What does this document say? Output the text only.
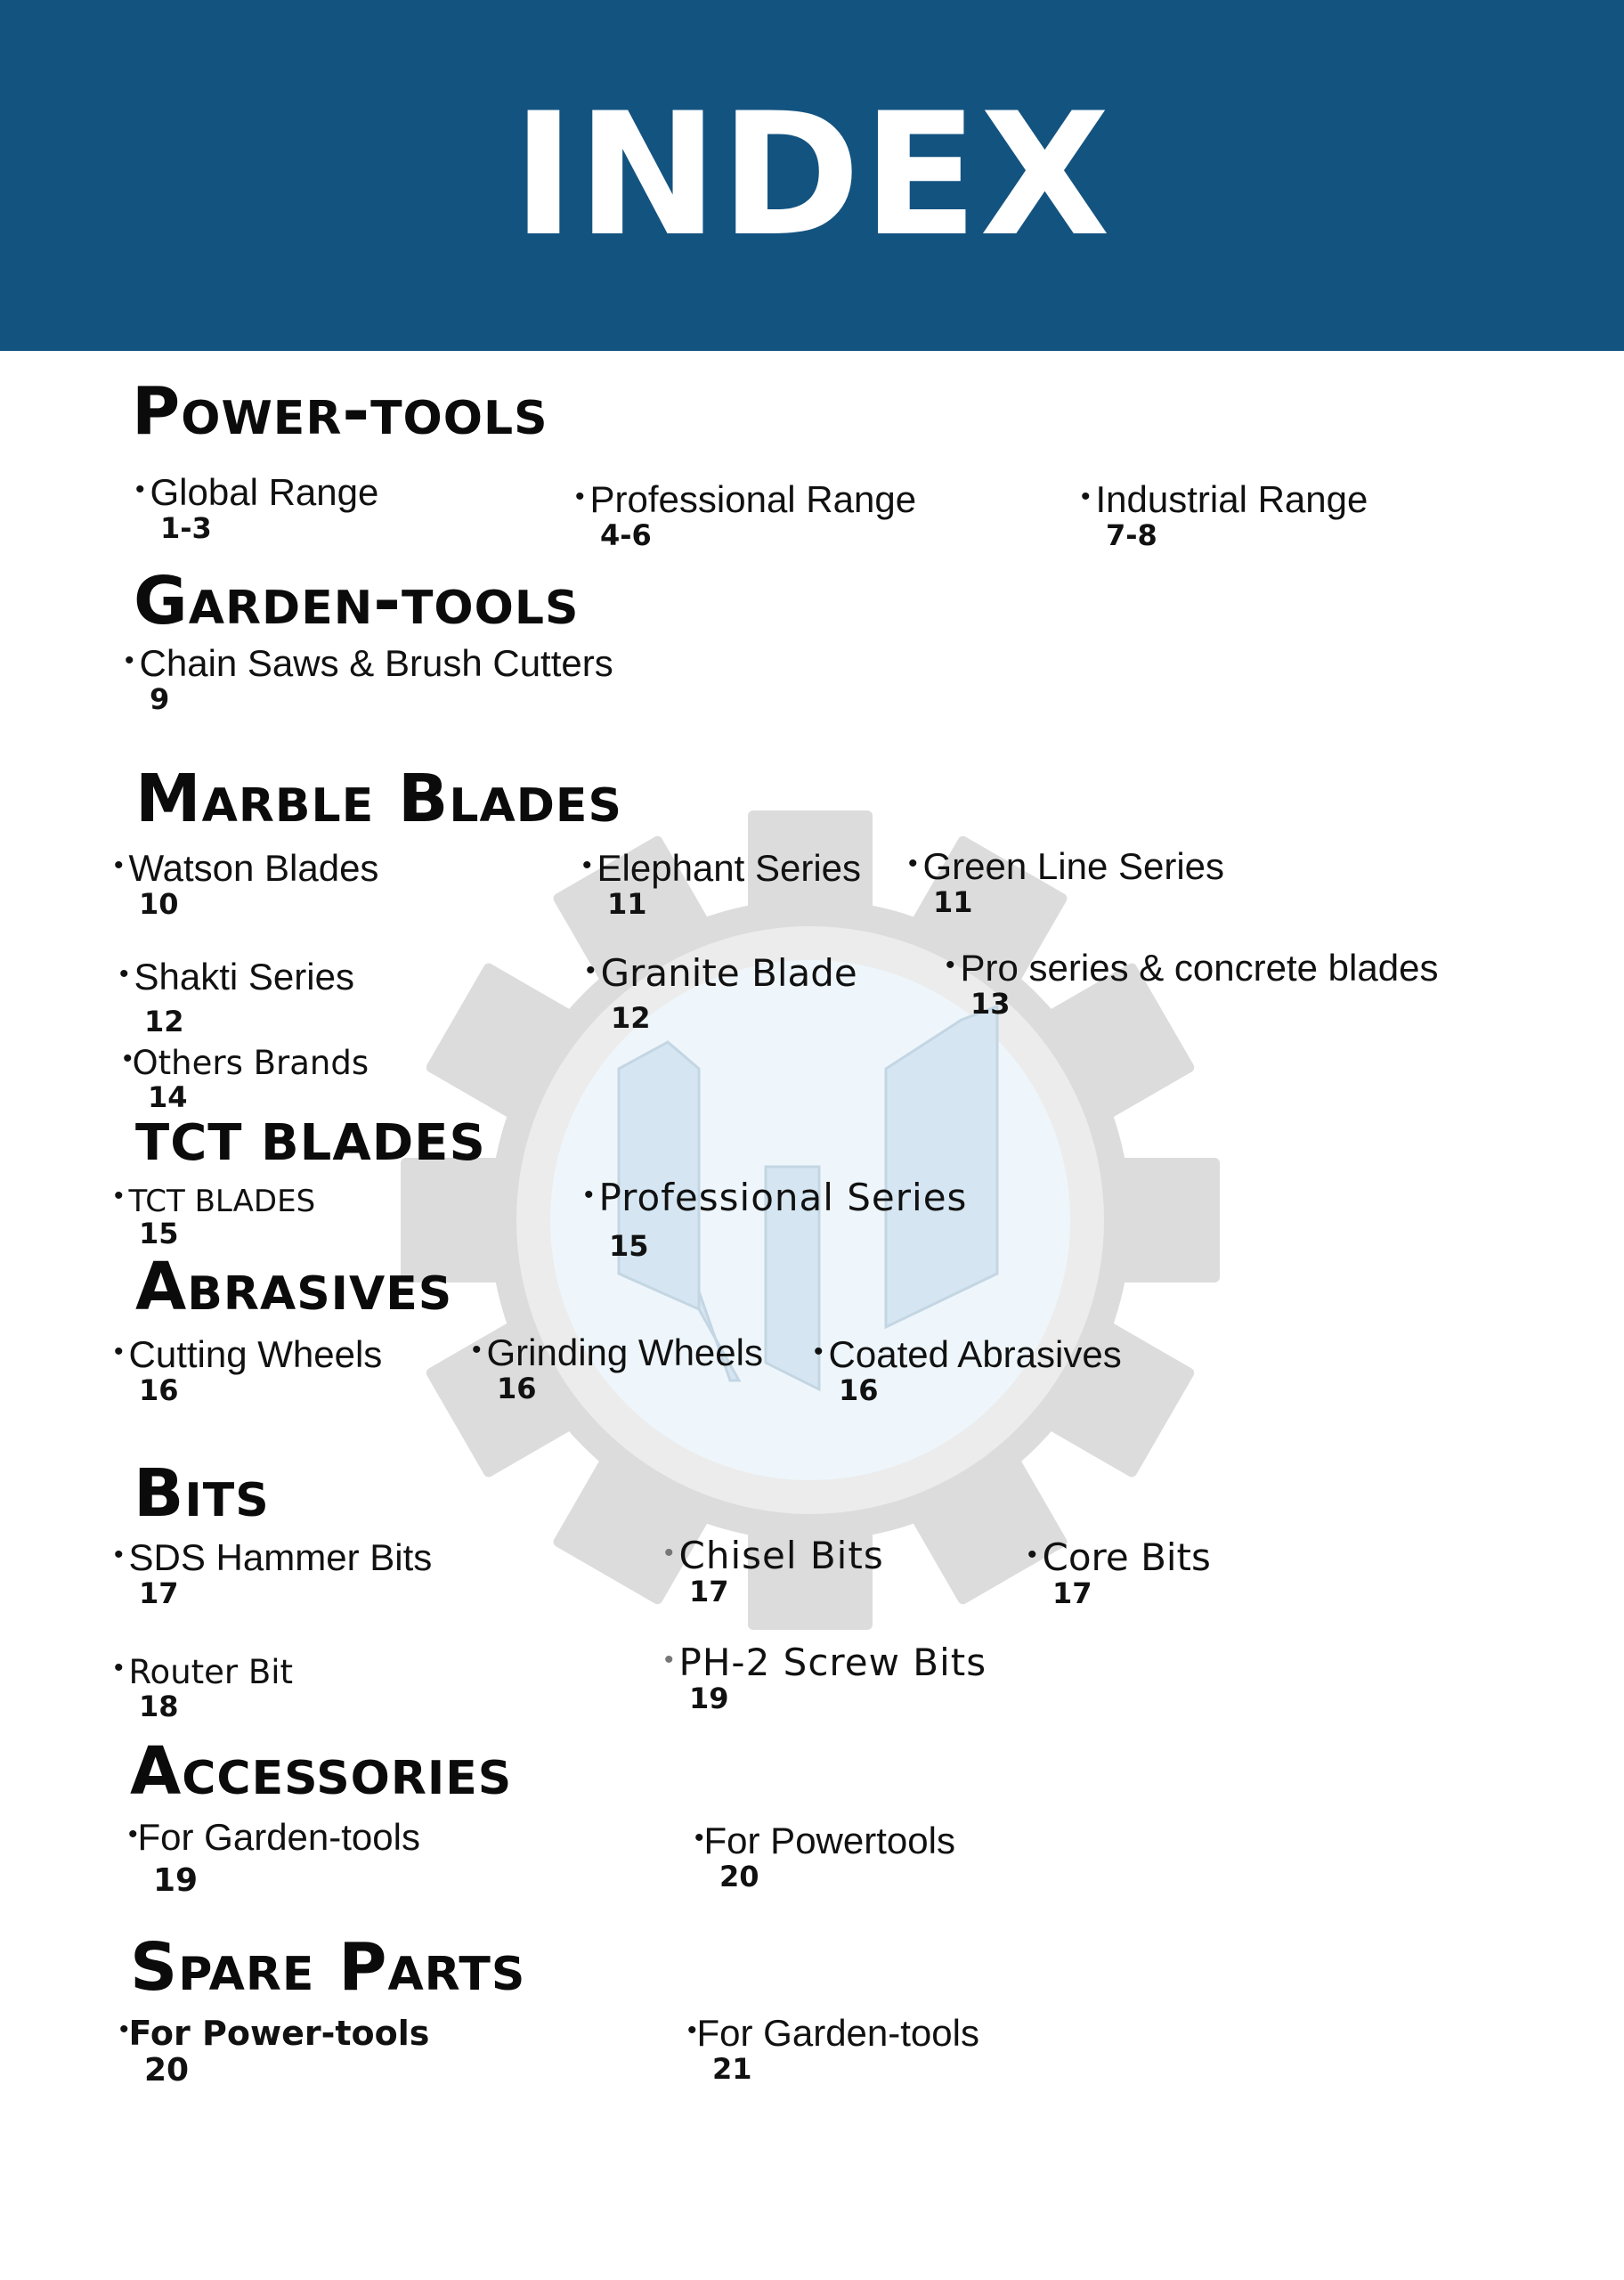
INDEX
Power-tools
• Global Range
1-3
• Professional Range
4-6
• Industrial Range
7-8
Garden-tools
• Chain Saws & Brush Cutters
9
Marble Blades
• Watson Blades
10
• Elephant Series
11
• Green Line Series
11
• Shakti Series
12
• Granite Blade
12
• Pro series & concrete blades
13
•Others Brands
14
TCT BLADES
• TCT BLADES
15
• Professional Series
15
Abrasives
• Cutting Wheels
16
• Grinding Wheels
16
• Coated Abrasives
16
Bits
• SDS Hammer Bits
17
• Chisel Bits
17
• Core Bits
17
• Router Bit
18
• PH-2 Screw Bits
19
Accessories
•For Garden-tools
19
•For Powertools
20
Spare Parts
•For Power-tools
20
•For Garden-tools
21
